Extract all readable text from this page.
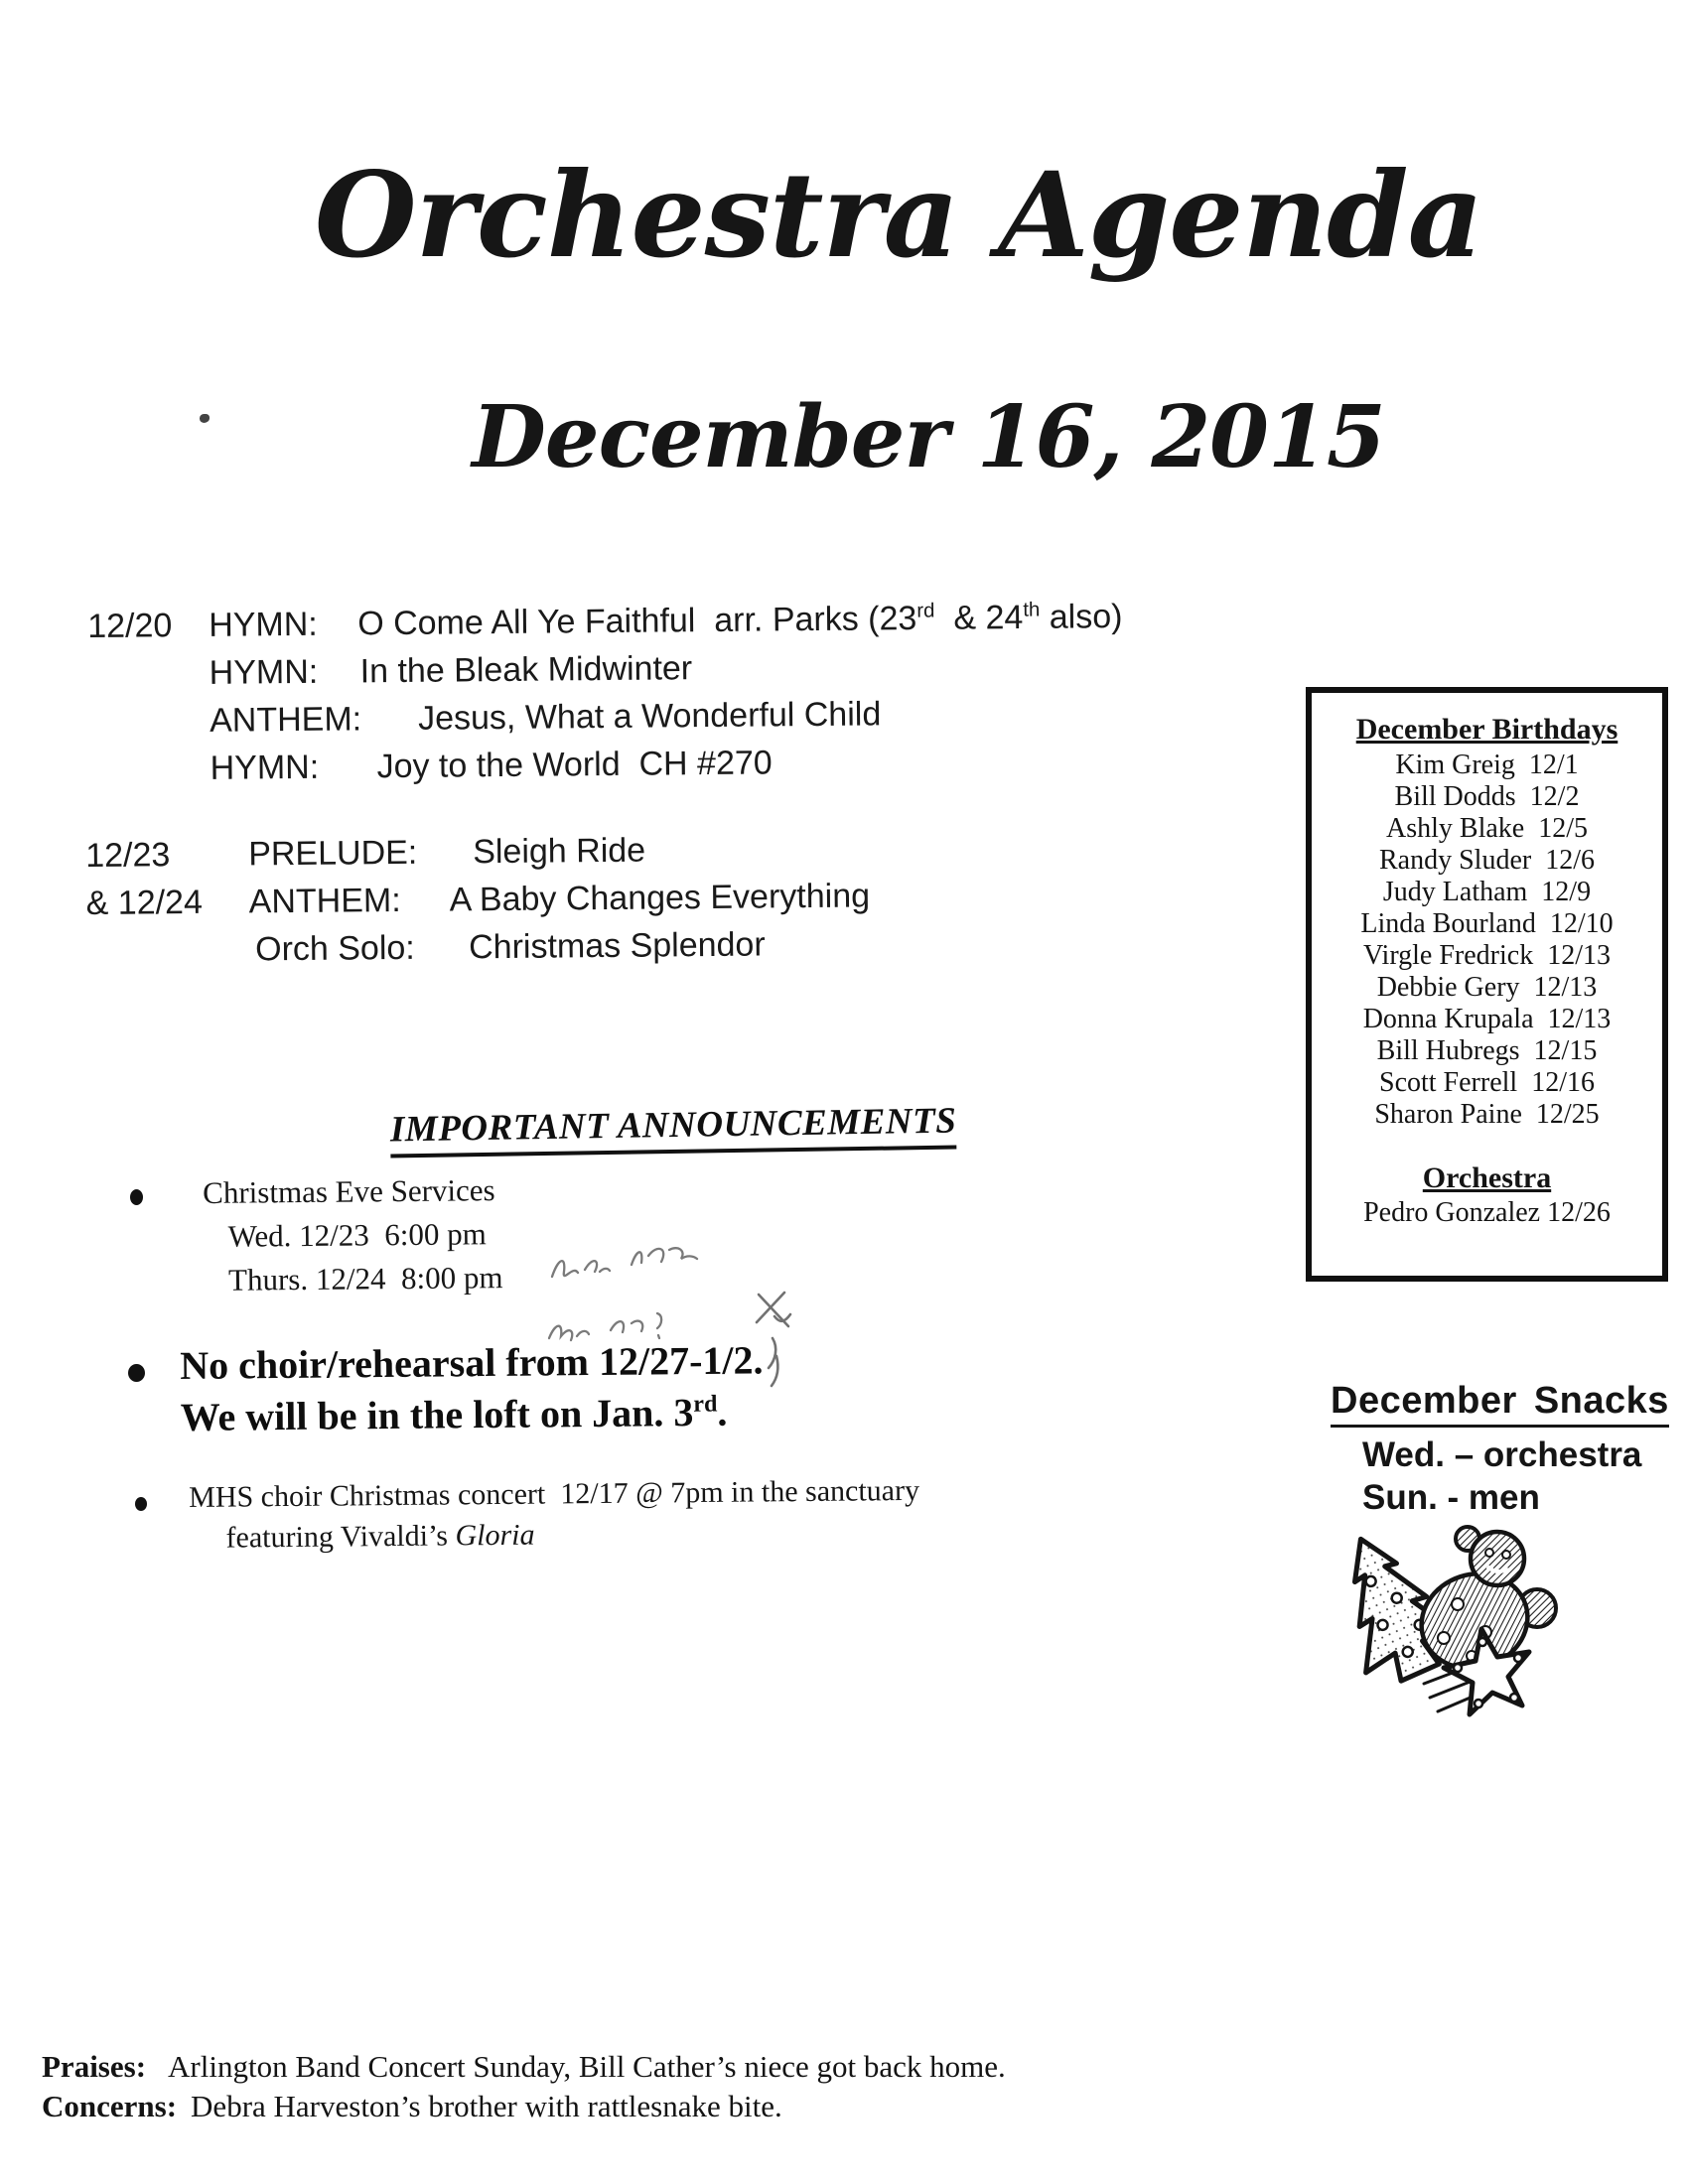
Orchestra Agenda
December 16, 2015
12/20 HYMN: O Come All Ye Faithful  arr. Parks (23rd  & 24th also)
HYMN: In the Bleak Midwinter
ANTHEM: Jesus, What a Wonderful Child
HYMN: Joy to the World  CH #270
12/23 PRELUDE: Sleigh Ride
& 12/24 ANTHEM: A Baby Changes Everything
Orch Solo: Christmas Splendor
December Birthdays
Kim Greig  12/1
Bill Dodds  12/2
Ashly Blake  12/5
Randy Sluder  12/6
Judy Latham  12/9
Linda Bourland  12/10
Virgle Fredrick  12/13
Debbie Gery  12/13
Donna Krupala  12/13
Bill Hubregs  12/15
Scott Ferrell  12/16
Sharon Paine  12/25
Orchestra
Pedro Gonzalez 12/26
IMPORTANT ANNOUNCEMENTS
Christmas Eve Services
Wed. 12/23  6:00 pm
Thurs. 12/24  8:00 pm
No choir/rehearsal from 12/27-1/2.
We will be in the loft on Jan. 3rd.
MHS choir Christmas concert  12/17 @ 7pm in the sanctuary
featuring Vivaldi’s Gloria
December Snacks
Wed. – orchestra
Sun. - men
Praises: Arlington Band Concert Sunday, Bill Cather’s niece got back home.
Concerns: Debra Harveston’s brother with rattlesnake bite.
